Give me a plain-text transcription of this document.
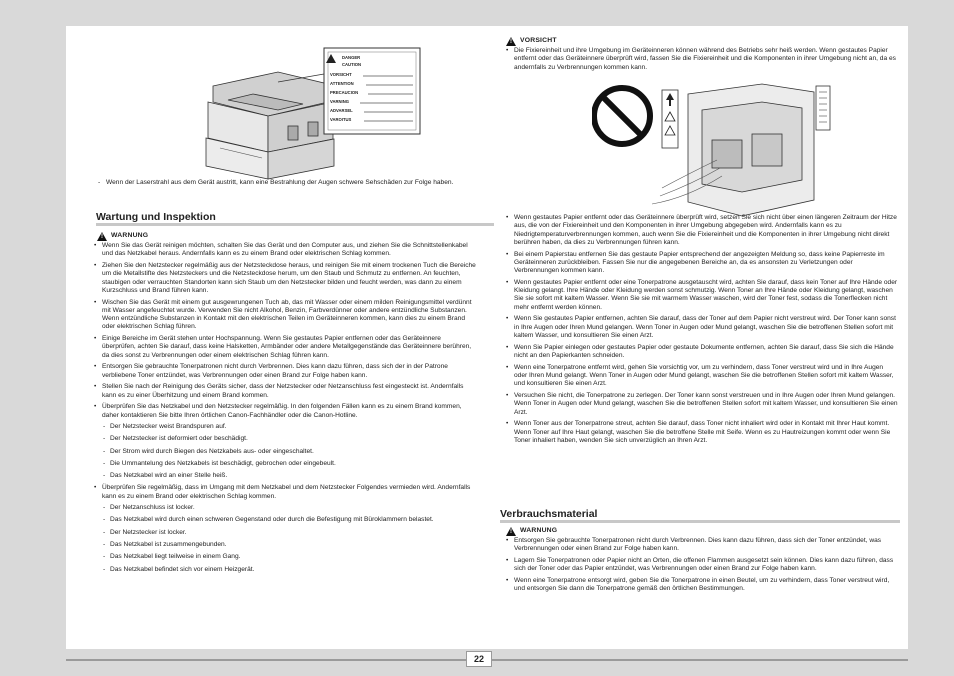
DANGER
CAUTION
VORSICHT
ATTENTION
PRECAUCION
VARNING
ADVARSEL
VAROITUS
- Wenn der Laserstrahl aus dem Gerät austritt, kann eine Bestrahlung der Augen schwere Sehschäden zur Folge haben.
Wartung und Inspektion
! WARNUNG
• Wenn Sie das Gerät reinigen möchten, schalten Sie das Gerät und den Computer aus, und ziehen Sie die Schnittstellenkabel und das Netzkabel heraus. Andernfalls kann es zu einem Brand oder elektrischen Schlag kommen.
• Ziehen Sie den Netzstecker regelmäßig aus der Netzsteckdose heraus, und reinigen Sie mit einem trockenen Tuch die Bereiche um die Metallstifte des Netzsteckers und die Netzsteckdose herum, um den Staub und Schmutz zu entfernen. An feuchten, staubigen oder verrauchten Standorten kann sich Staub um den Netzstecker bilden und feucht werden, was dann zu einem Kurzschluss und Brand führen kann.
• Wischen Sie das Gerät mit einem gut ausgewrungenen Tuch ab, das mit Wasser oder einem milden Reinigungsmittel verdünnt mit Wasser angefeuchtet wurde. Verwenden Sie nicht Alkohol, Benzin, Farbverdünner oder andere entzündliche Substanzen. Wenn entzündliche Substanzen in Kontakt mit den elektrischen Teilen im Geräteinneren kommen, kann dies zu einem Brand oder elektrischen Schlag führen.
• Einige Bereiche im Gerät stehen unter Hochspannung. Wenn Sie gestautes Papier entfernen oder das Geräteinnere überprüfen, achten Sie darauf, dass keine Halsketten, Armbänder oder andere Metallgegenstände das Geräteinnere berühren, da dies sonst zu Verbrennungen oder einem elektrischen Schlag führen kann.
• Entsorgen Sie gebrauchte Tonerpatronen nicht durch Verbrennen. Dies kann dazu führen, dass sich der in der Patrone verbliebene Toner entzündet, was Verbrennungen oder einen Brand zur Folge haben kann.
• Stellen Sie nach der Reinigung des Geräts sicher, dass der Netzstecker oder Netzanschluss fest eingesteckt ist. Andernfalls kann es zu einer Überhitzung und einem Brand kommen.
• Überprüfen Sie das Netzkabel und den Netzstecker regelmäßig. In den folgenden Fällen kann es zu einem Brand kommen, daher kontaktieren Sie bitte Ihren örtlichen Canon-Fachhändler oder die Canon-Hotline.
- Der Netzstecker weist Brandspuren auf.
- Der Netzstecker ist deformiert oder beschädigt.
- Der Strom wird durch Biegen des Netzkabels aus- oder eingeschaltet.
- Die Ummantelung des Netzkabels ist beschädigt, gebrochen oder eingebeult.
- Das Netzkabel wird an einer Stelle heiß.
• Überprüfen Sie regelmäßig, dass im Umgang mit dem Netzkabel und dem Netzstecker Folgendes vermieden wird. Andernfalls kann es zu einem Brand oder elektrischen Schlag kommen.
- Der Netzanschluss ist locker.
- Das Netzkabel wird durch einen schweren Gegenstand oder durch die Befestigung mit Büroklammern belastet.
- Der Netzstecker ist locker.
- Das Netzkabel ist zusammengebunden.
- Das Netzkabel liegt teilweise in einem Gang.
- Das Netzkabel befindet sich vor einem Heizgerät.
! VORSICHT
• Die Fixiereinheit und ihre Umgebung im Geräteinneren können während des Betriebs sehr heiß werden. Wenn gestautes Papier entfernt oder das Geräteinnere überprüft wird, fassen Sie die Fixiereinheit und die Komponenten in ihrer Umgebung nicht an, da es andernfalls zu Verbrennungen kommen kann.
• Wenn gestautes Papier entfernt oder das Geräteinnere überprüft wird, setzen Sie sich nicht über einen längeren Zeitraum der Hitze aus, die von der Fixiereinheit und den Komponenten in ihrer Umgebung abgegeben wird. Andernfalls kann es zu Niedrigtemperaturverbrennungen kommen, auch wenn Sie die Fixiereinheit und die Komponenten in ihrer Umgebung nicht direkt berühren haben, da dies zu Verbrennungen führen kann.
• Bei einem Papierstau entfernen Sie das gestaute Papier entsprechend der angezeigten Meldung so, dass keine Papierreste im Geräteinneren zurückbleiben. Fassen Sie nur die angegebenen Bereiche an, da es ansonsten zu Verletzungen oder Verbrennungen kommen kann.
• Wenn gestautes Papier entfernt oder eine Tonerpatrone ausgetauscht wird, achten Sie darauf, dass kein Toner auf Ihre Hände oder Kleidung gelangt. Ihre Hände oder Kleidung werden sonst schmutzig. Wenn Toner an Ihre Hände oder Kleidung gelangt, waschen Sie sie sofort mit kaltem Wasser. Wenn Sie sie mit warmem Wasser waschen, wird der Toner fest, sodass die Tonerflecken nicht mehr entfernt werden können.
• Wenn Sie gestautes Papier entfernen, achten Sie darauf, dass der Toner auf dem Papier nicht verstreut wird. Der Toner kann sonst in Ihre Augen oder Ihren Mund gelangen. Wenn Toner in Augen oder Mund gelangt, waschen Sie die betroffenen Stellen sofort mit kaltem Wasser, und konsultieren Sie einen Arzt.
• Wenn Sie Papier einlegen oder gestautes Papier oder gestaute Dokumente entfernen, achten Sie darauf, dass Sie sich die Hände nicht an den Papierkanten schneiden.
• Wenn eine Tonerpatrone entfernt wird, gehen Sie vorsichtig vor, um zu verhindern, dass Toner verstreut wird und in Ihre Augen oder Ihren Mund gelangt. Wenn Toner in Augen oder Mund gelangt, waschen Sie die betroffenen Stellen sofort mit kaltem Wasser, und konsultieren Sie einen Arzt.
• Versuchen Sie nicht, die Tonerpatrone zu zerlegen. Der Toner kann sonst verstreuen und in Ihre Augen oder Ihren Mund gelangen. Wenn Toner in Augen oder Mund gelangt, waschen Sie die betroffenen Stellen sofort mit kaltem Wasser, und konsultieren Sie einen Arzt.
• Wenn Toner aus der Tonerpatrone streut, achten Sie darauf, dass Toner nicht inhaliert wird oder in Kontakt mit Ihrer Haut kommt. Wenn Toner auf Ihre Haut gelangt, waschen Sie die betroffene Stelle mit Seife. Wenn es zu Hautreizungen kommt oder wenn Sie Toner inhaliert haben, wenden Sie sich unverzüglich an Ihren Arzt.
Verbrauchsmaterial
! WARNUNG
• Entsorgen Sie gebrauchte Tonerpatronen nicht durch Verbrennen. Dies kann dazu führen, dass sich der Toner entzündet, was Verbrennungen oder einen Brand zur Folge haben kann.
• Lagern Sie Tonerpatronen oder Papier nicht an Orten, die offenen Flammen ausgesetzt sein können. Dies kann dazu führen, dass sich der Toner oder das Papier entzündet, was Verbrennungen oder einen Brand zur Folge haben kann.
• Wenn eine Tonerpatrone entsorgt wird, geben Sie die Tonerpatrone in einen Beutel, um zu verhindern, dass Toner verstreut wird, und entsorgen Sie dann die Tonerpatrone gemäß den örtlichen Bestimmungen.
22
